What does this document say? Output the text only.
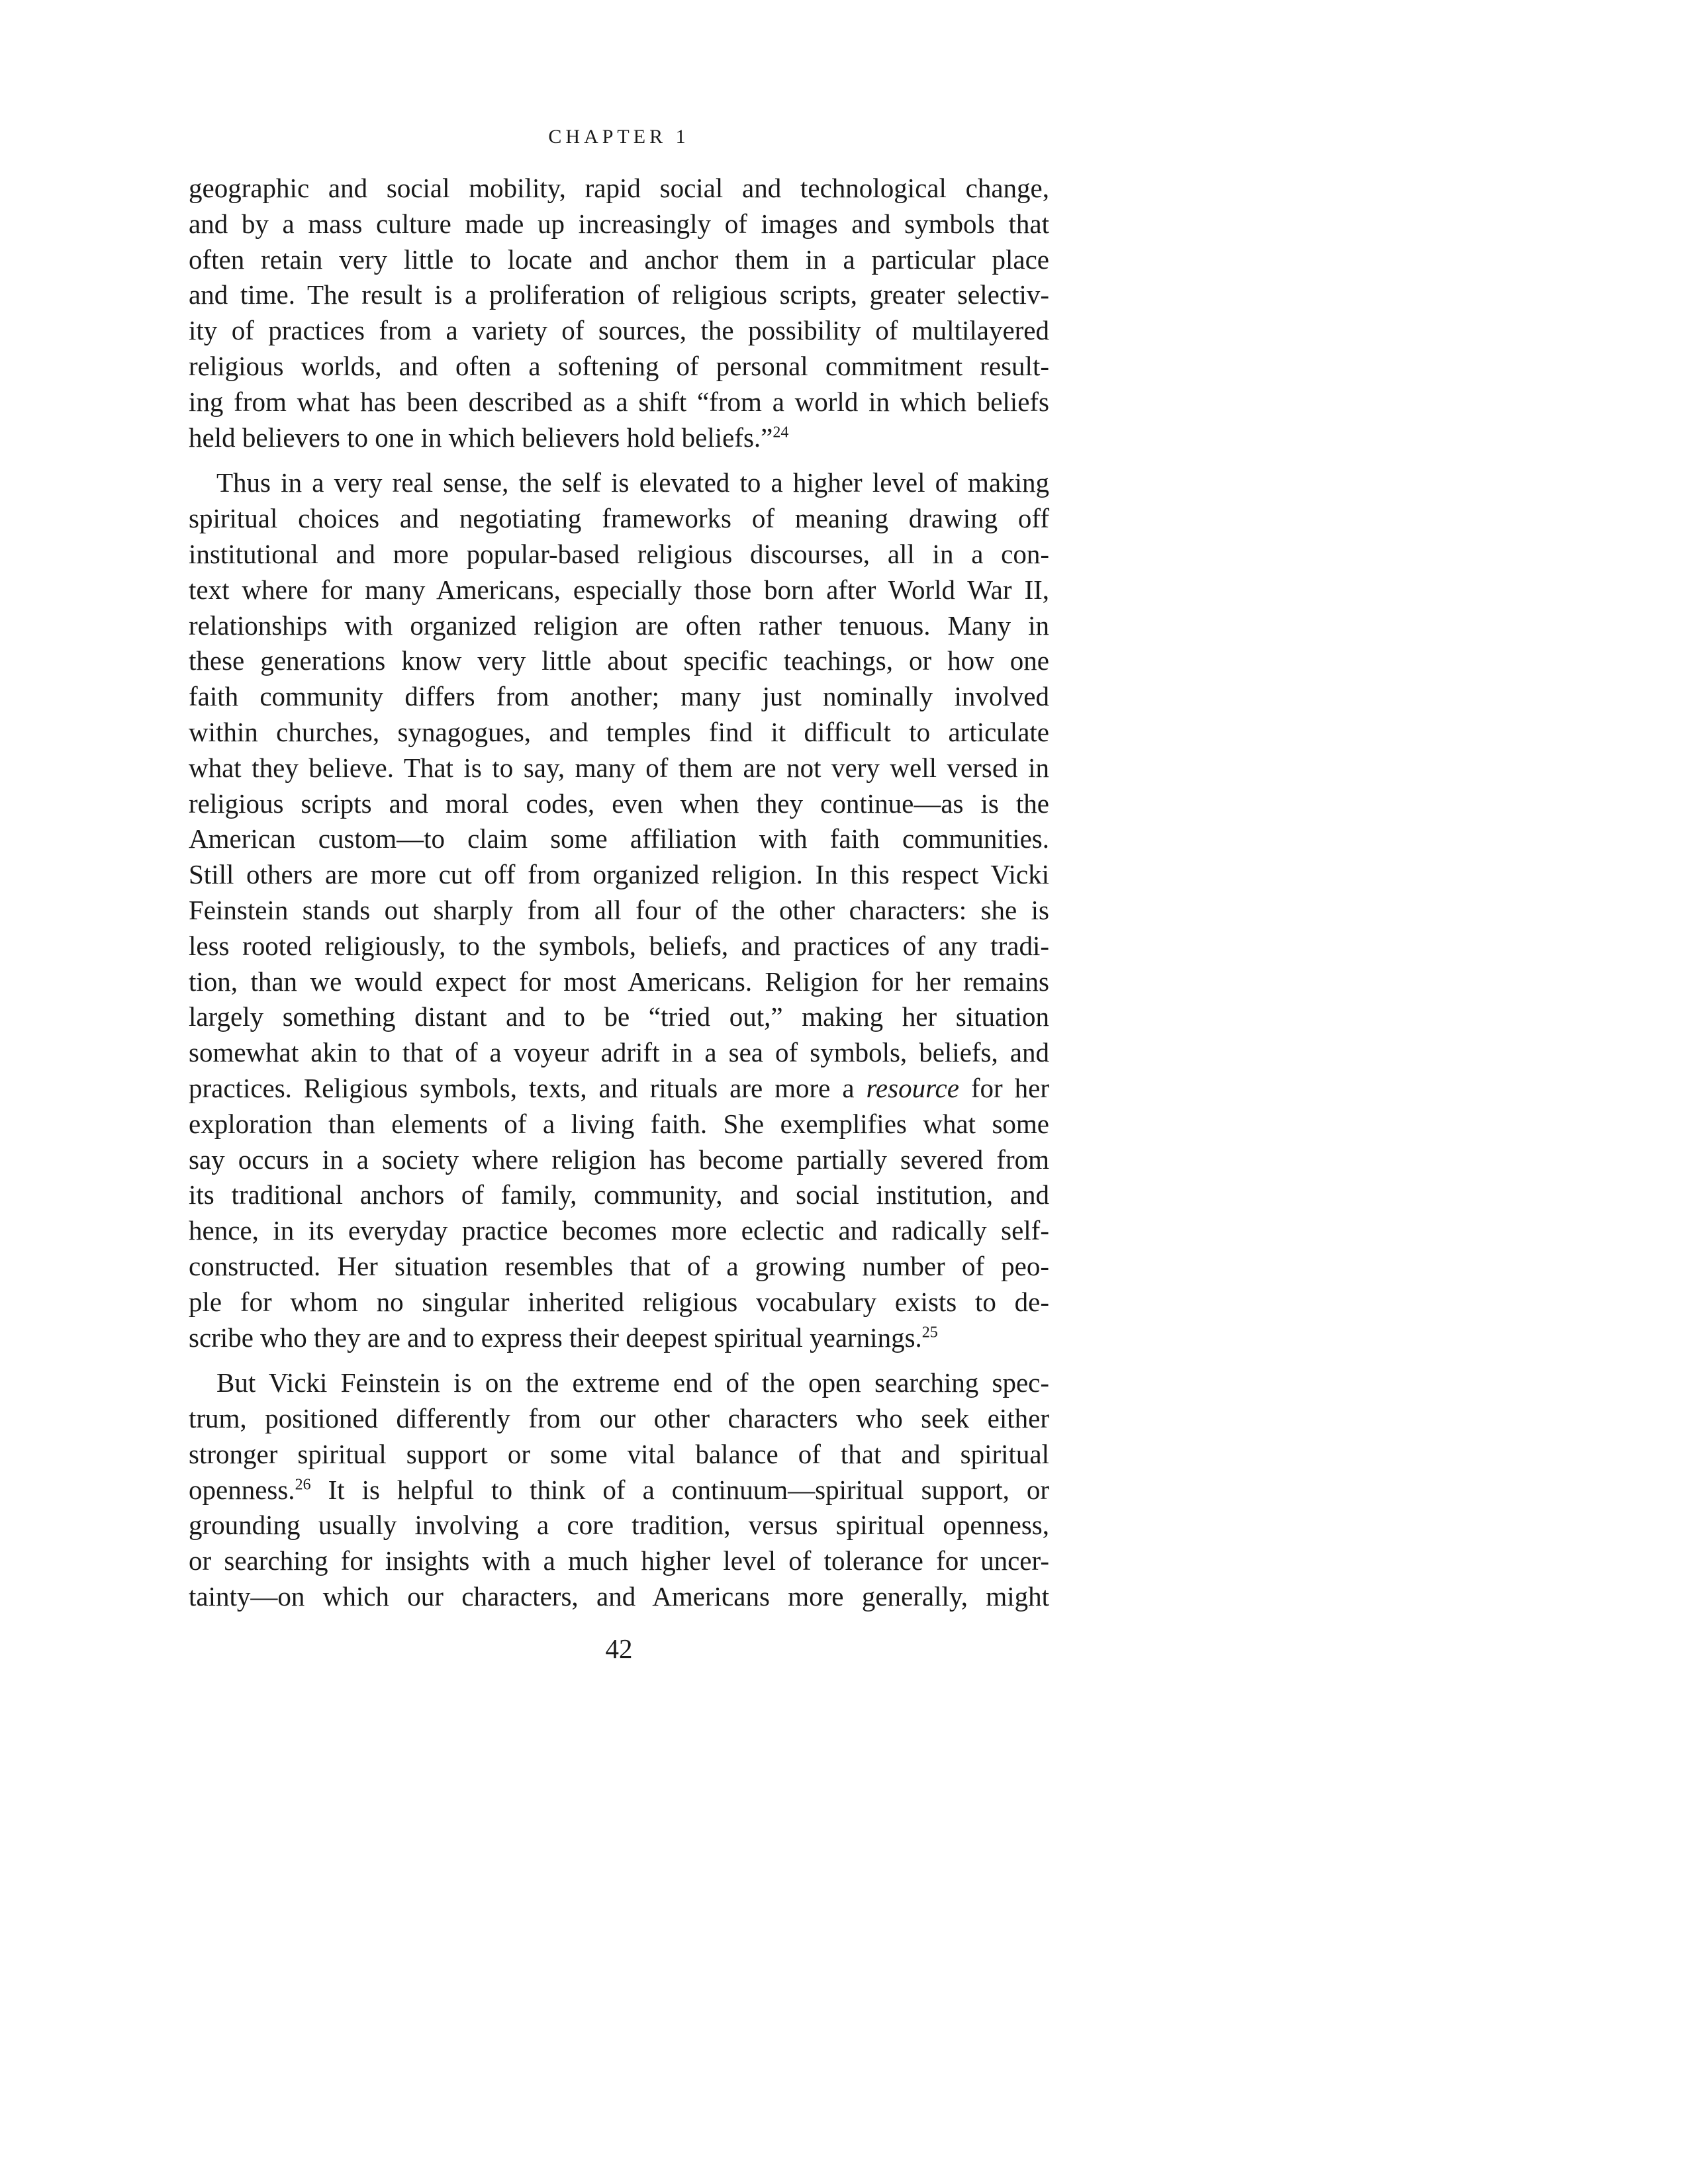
CHAPTER 1

geographic and social mobility, rapid social and technological change,
and by a mass culture made up increasingly of images and symbols that
often retain very little to locate and anchor them in a particular place
and time. The result is a proliferation of religious scripts, greater selectiv-
ity of practices from a variety of sources, the possibility of multilayered
religious worlds, and often a softening of personal commitment result-
ing from what has been described as a shift “from a world in which beliefs
held believers to one in which believers hold beliefs.”$^{24}$

Thus in a very real sense, the self is elevated to a higher level of making
spiritual choices and negotiating frameworks of meaning drawing off
institutional and more popular-based religious discourses, all in a con-
text where for many Americans, especially those born after World War II,
relationships with organized religion are often rather tenuous. Many in
these generations know very little about specific teachings, or how one
faith community differs from another; many just nominally involved
within churches, synagogues, and temples find it difficult to articulate
what they believe. That is to say, many of them are not very well versed in
religious scripts and moral codes, even when they continue—as is the
American custom—to claim some affiliation with faith communities.
Still others are more cut off from organized religion. In this respect Vicki
Feinstein stands out sharply from all four of the other characters: she is
less rooted religiously, to the symbols, beliefs, and practices of any tradi-
tion, than we would expect for most Americans. Religion for her remains
largely something distant and to be “tried out,” making her situation
somewhat akin to that of a voyeur adrift in a sea of symbols, beliefs, and
practices. Religious symbols, texts, and rituals are more a resource for her
exploration than elements of a living faith. She exemplifies what some
say occurs in a society where religion has become partially severed from
its traditional anchors of family, community, and social institution, and
hence, in its everyday practice becomes more eclectic and radically self-
constructed. Her situation resembles that of a growing number of peo-
ple for whom no singular inherited religious vocabulary exists to de-
scribe who they are and to express their deepest spiritual yearnings.$^{25}$

But Vicki Feinstein is on the extreme end of the open searching spec-
trum, positioned differently from our other characters who seek either
stronger spiritual support or some vital balance of that and spiritual
openness.$^{26}$ It is helpful to think of a continuum—spiritual support, or
grounding usually involving a core tradition, versus spiritual openness,
or searching for insights with a much higher level of tolerance for uncer-
tainty—on which our characters, and Americans more generally, might

42
